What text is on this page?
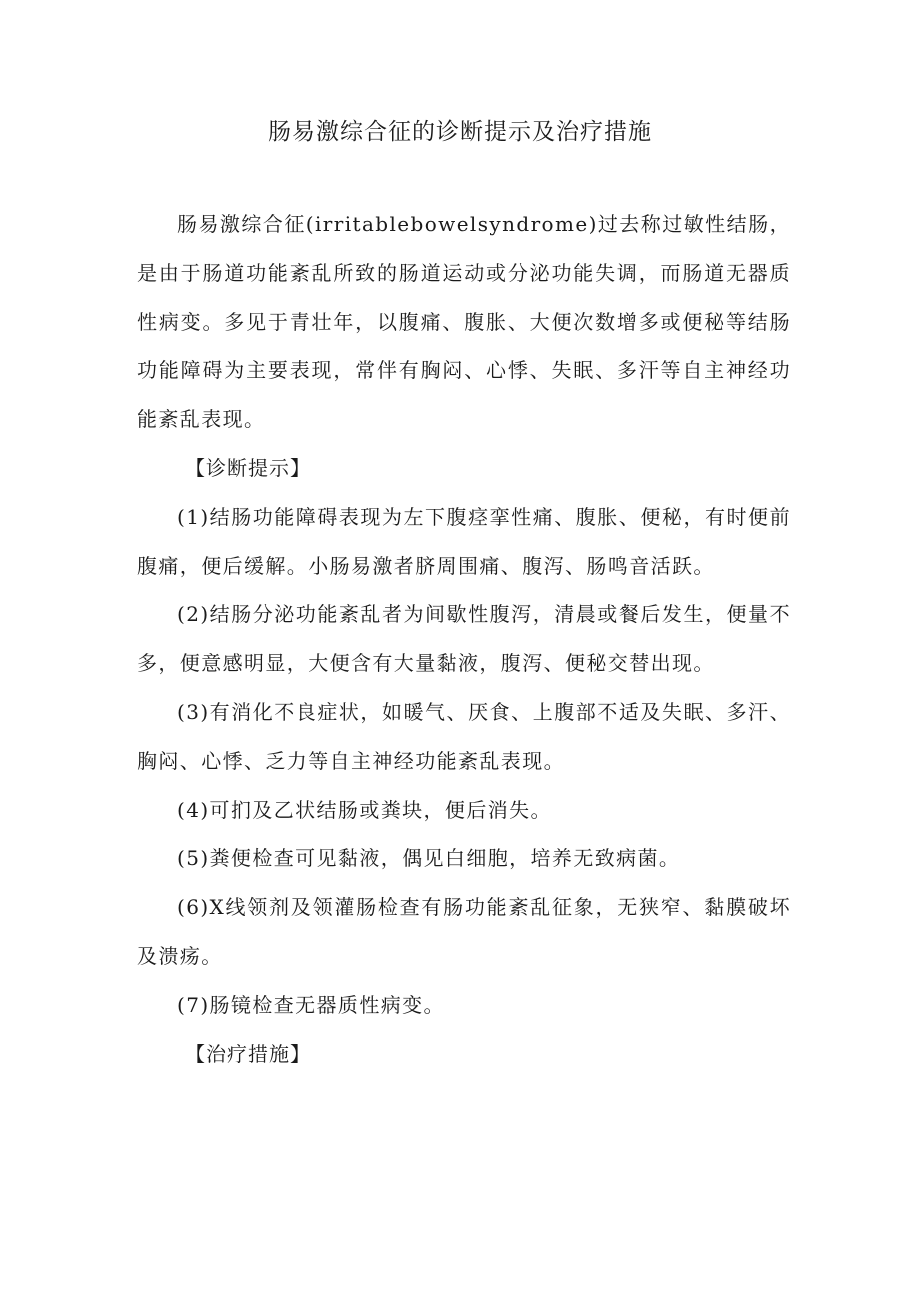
肠易激综合征的诊断提示及治疗措施

肠易激综合征(irritablebowelsyndrome)过去称过敏性结肠，是由于肠道功能紊乱所致的肠道运动或分泌功能失调，而肠道无器质性病变。多见于青壮年，以腹痛、腹胀、大便次数增多或便秘等结肠功能障碍为主要表现，常伴有胸闷、心悸、失眠、多汗等自主神经功能紊乱表现。

【诊断提示】

(1)结肠功能障碍表现为左下腹痉挛性痛、腹胀、便秘，有时便前腹痛，便后缓解。小肠易激者脐周围痛、腹泻、肠鸣音活跃。

(2)结肠分泌功能紊乱者为间歇性腹泻，清晨或餐后发生，便量不多，便意感明显，大便含有大量黏液，腹泻、便秘交替出现。

(3)有消化不良症状，如暖气、厌食、上腹部不适及失眠、多汗、胸闷、心悸、乏力等自主神经功能紊乱表现。

(4)可扪及乙状结肠或粪块，便后消失。

(5)粪便检查可见黏液，偶见白细胞，培养无致病菌。

(6)X线领剂及领灌肠检查有肠功能紊乱征象，无狭窄、黏膜破坏及溃疡。

(7)肠镜检查无器质性病变。

【治疗措施】
